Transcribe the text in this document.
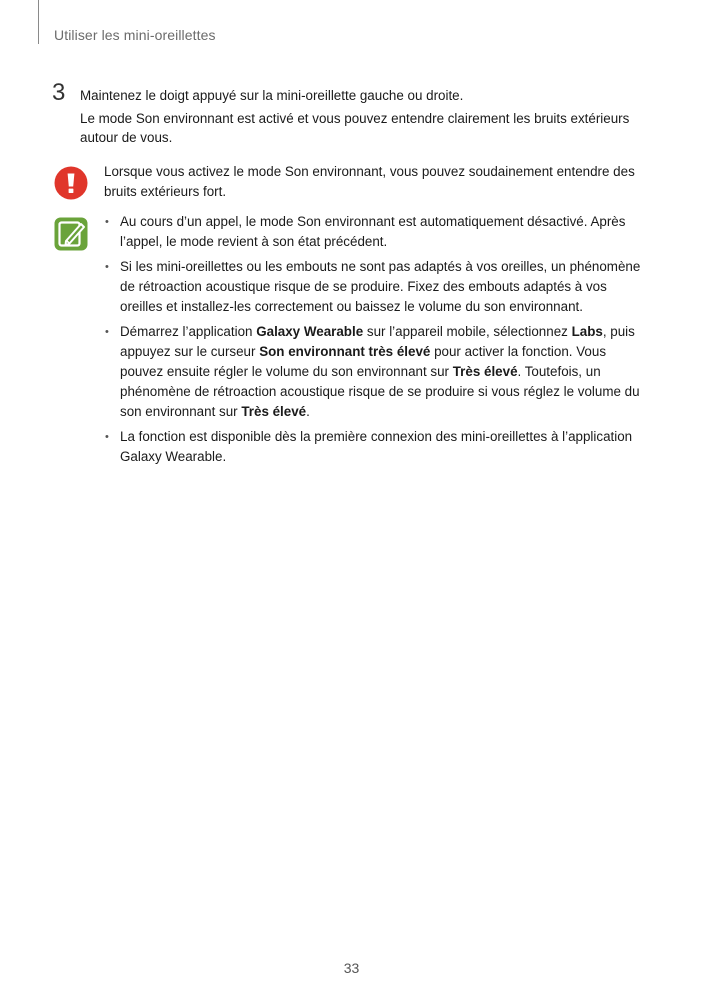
Utiliser les mini-oreillettes
3 Maintenez le doigt appuyé sur la mini-oreillette gauche ou droite.

Le mode Son environnant est activé et vous pouvez entendre clairement les bruits extérieurs autour de vous.

Lorsque vous activez le mode Son environnant, vous pouvez soudainement entendre des bruits extérieurs fort.

• Au cours d’un appel, le mode Son environnant est automatiquement désactivé. Après l’appel, le mode revient à son état précédent.
• Si les mini-oreillettes ou les embouts ne sont pas adaptés à vos oreilles, un phénomène de rétroaction acoustique risque de se produire. Fixez des embouts adaptés à vos oreilles et installez-les correctement ou baissez le volume du son environnant.
• Démarrez l’application Galaxy Wearable sur l’appareil mobile, sélectionnez Labs, puis appuyez sur le curseur Son environnant très élevé pour activer la fonction. Vous pouvez ensuite régler le volume du son environnant sur Très élevé. Toutefois, un phénomène de rétroaction acoustique risque de se produire si vous réglez le volume du son environnant sur Très élevé.
• La fonction est disponible dès la première connexion des mini-oreillettes à l’application Galaxy Wearable.
33
